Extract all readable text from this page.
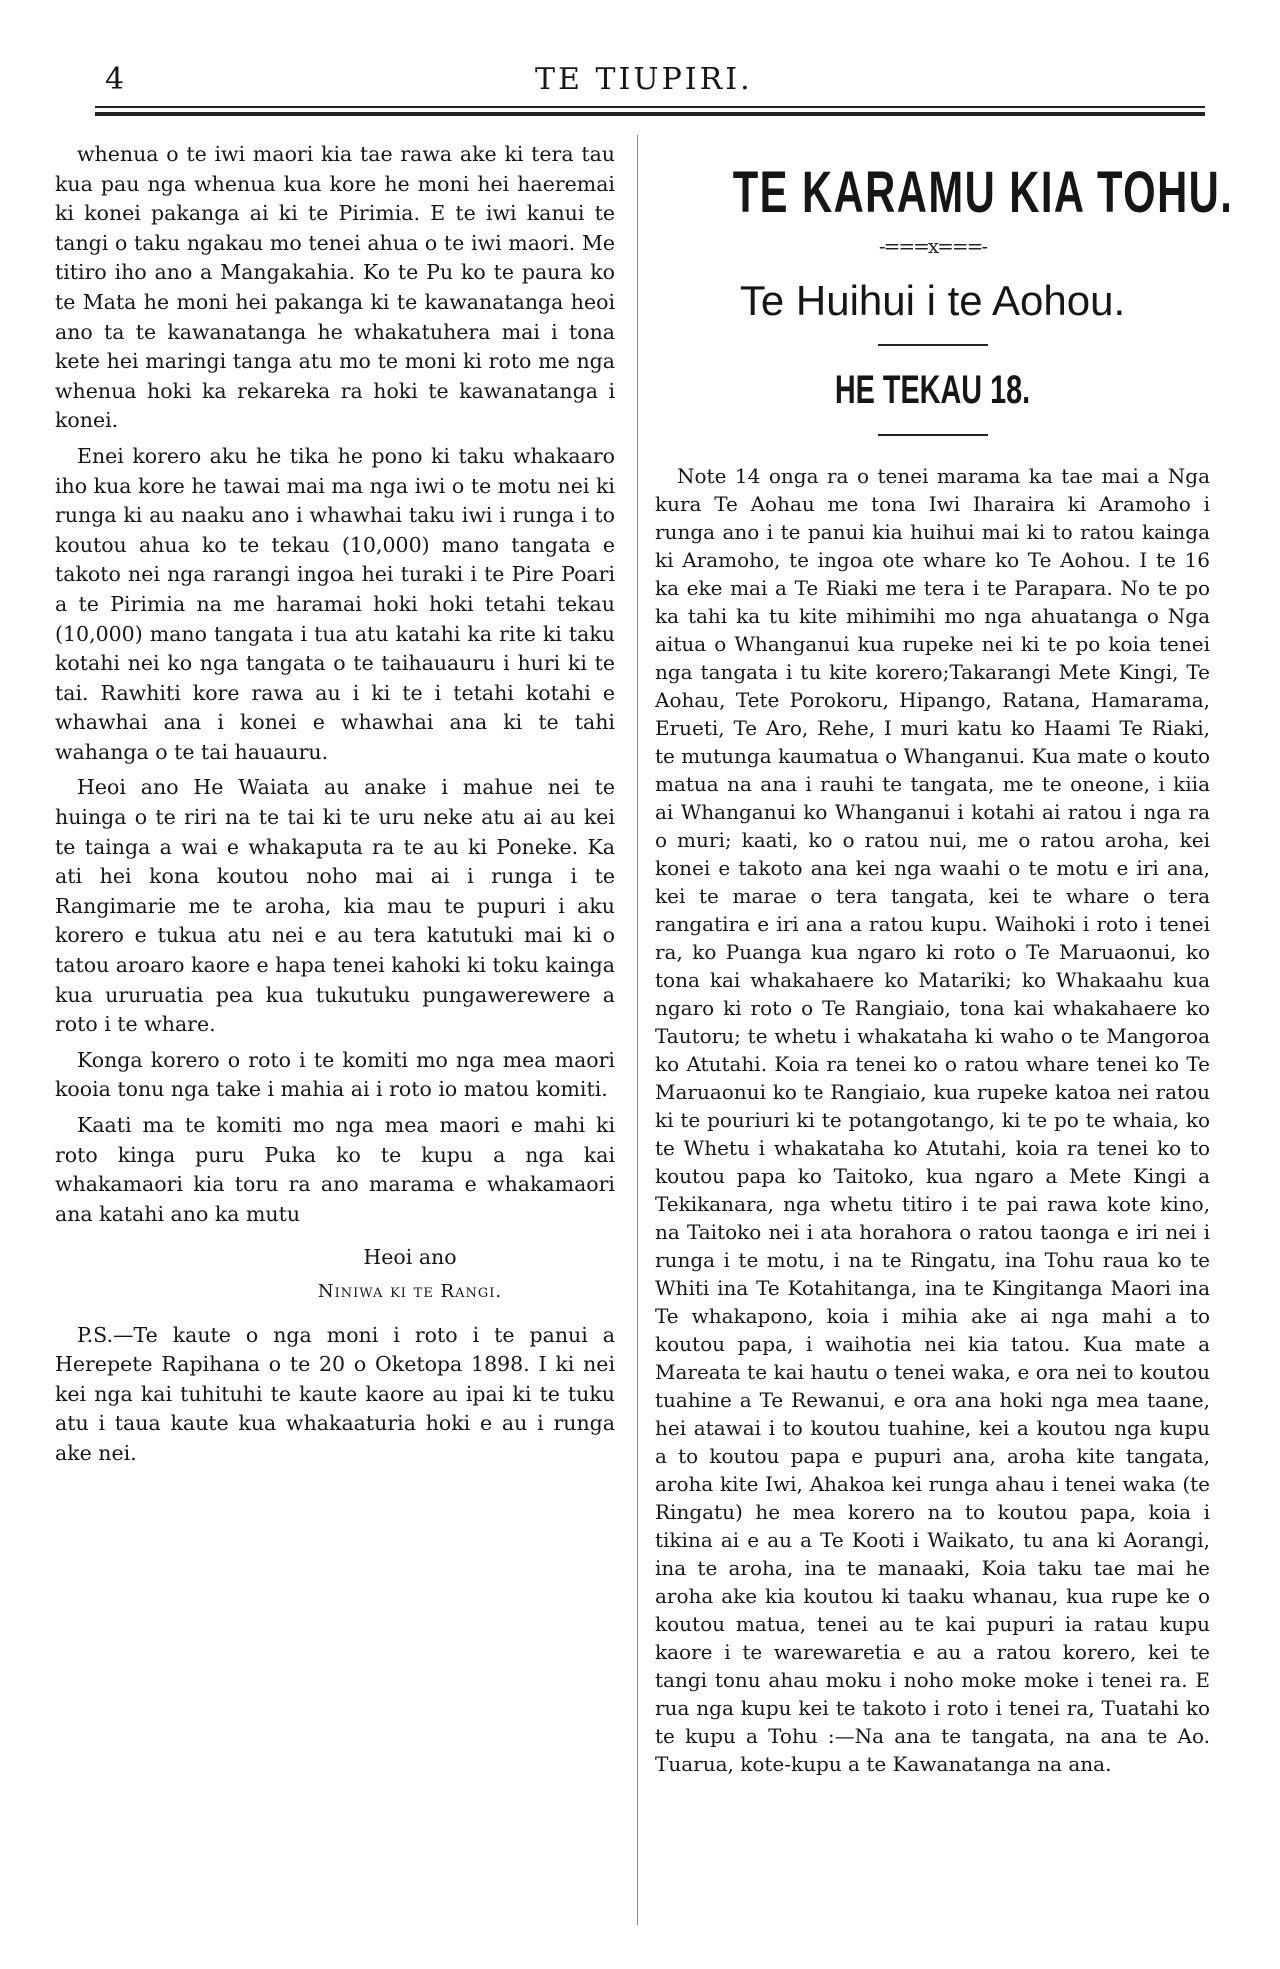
4	TE TIUPIRI.

whenua o te iwi maori kia tae rawa ake ki tera tau kua pau nga whenua kua kore he moni hei haeremai ki konei pakanga ai ki te Pirimia. E te iwi kanui te tangi o taku ngakau mo tenei ahua o te iwi maori. Me titiro iho ano a Mangakahia. Ko te Pu ko te paura ko te Mata he moni hei pakanga ki te kawanatanga heoi ano ta te kawanatanga he whakatuhera mai i tona kete hei maringi tanga atu mo te moni ki roto me nga whenua hoki ka rekareka ra hoki te kawanatanga i konei.

Enei korero aku he tika he pono ki taku whakaaro iho kua kore he tawai mai ma nga iwi o te motu nei ki runga ki au naaku ano i whawhai taku iwi i runga i to koutou ahua ko te tekau (10,000) mano tangata e takoto nei nga rarangi ingoa hei turaki i te Pire Poari a te Pirimia na me haramai hoki hoki tetahi tekau (10,000) mano tangata i tua atu katahi ka rite ki taku kotahi nei ko nga tangata o te taihauauru i huri ki te tai. Rawhiti kore rawa au i ki te i tetahi kotahi e whawhai ana i konei e whawhai ana ki te tahi wahanga o te tai hauauru.

Heoi ano He Waiata au anake i mahue nei te huinga o te riri na te tai ki te uru neke atu ai au kei te tainga a wai e whakaputa ra te au ki Poneke. Ka ati hei kona koutou noho mai ai i runga i te Rangimarie me te aroha, kia mau te pupuri i aku korero e tukua atu nei e au tera katutuki mai ki o tatou aroaro kaore e hapa tenei kahoki ki toku kainga kua ururuatia pea kua tukutuku pungawerewere a roto i te whare.

Konga korero o roto i te komiti mo nga mea maori kooia tonu nga take i mahia ai i roto io matou komiti.

Kaati ma te komiti mo nga mea maori e mahi ki roto kinga puru Puka ko te kupu a nga kai whakamaori kia toru ra ano marama e whakamaori ana katahi ano ka mutu

Heoi ano

Niniwa ki te Rangi.

P.S.—Te kaute o nga moni i roto i te panui a Herepete Rapihana o te 20 o Oketopa 1898. I ki nei kei nga kai tuhituhi te kaute kaore au ipai ki te tuku atu i taua kaute kua whakaaturia hoki e au i runga ake nei.

TE KARAMU KIA TOHU.
-===x===-
Te Huihui i te Aohou.
HE TEKAU 18.
Note 14 onga ra o tenei marama ka tae mai a Nga kura Te Aohau me tona Iwi Iharaira ki Aramoho i runga ano i te panui kia huihui mai ki to ratou kainga ki Aramoho, te ingoa ote whare ko Te Aohou. I te 16 ka eke mai a Te Riaki me tera i te Parapara. No te po ka tahi ka tu kite mihimihi mo nga ahuatanga o Nga aitua o Whanganui kua rupeke nei ki te po koia tenei nga tangata i tu kite korero;Takarangi Mete Kingi, Te Aohau, Tete Porokoru, Hipango, Ratana, Hamarama, Erueti, Te Aro, Rehe, I muri katu ko Haami Te Riaki, te mutunga kaumatua o Whanganui. Kua mate o kouto matua na ana i rauhi te tangata, me te oneone, i kiia ai Whanganui ko Whanganui i kotahi ai ratou i nga ra o muri; kaati, ko o ratou nui, me o ratou aroha, kei konei e takoto ana kei nga waahi o te motu e iri ana, kei te marae o tera tangata, kei te whare o tera rangatira e iri ana a ratou kupu. Waihoki i roto i tenei ra, ko Puanga kua ngaro ki roto o Te Maruaonui, ko tona kai whakahaere ko Matariki; ko Whakaahu kua ngaro ki roto o Te Rangiaio, tona kai whakahaere ko Tautoru; te whetu i whakataha ki waho o te Mangoroa ko Atutahi. Koia ra tenei ko o ratou whare tenei ko Te Maruaonui ko te Rangiaio, kua rupeke katoa nei ratou ki te pouriuri ki te potangotango, ki te po te whaia, ko te Whetu i whakataha ko Atutahi, koia ra tenei ko to koutou papa ko Taitoko, kua ngaro a Mete Kingi a Tekikanara, nga whetu titiro i te pai rawa kote kino, na Taitoko nei i ata horahora o ratou taonga e iri nei i runga i te motu, i na te Ringatu, ina Tohu raua ko te Whiti ina Te Kotahitanga, ina te Kingitanga Maori ina Te whakapono, koia i mihia ake ai nga mahi a to koutou papa, i waihotia nei kia tatou. Kua mate a Mareata te kai hautu o tenei waka, e ora nei to koutou tuahine a Te Rewanui, e ora ana hoki nga mea taane, hei atawai i to koutou tuahine, kei a koutou nga kupu a to koutou papa e pupuri ana, aroha kite tangata, aroha kite Iwi, Ahakoa kei runga ahau i tenei waka (te Ringatu) he mea korero na to koutou papa, koia i tikina ai e au a Te Kooti i Waikato, tu ana ki Aorangi, ina te aroha, ina te manaaki, Koia taku tae mai he aroha ake kia koutou ki taaku whanau, kua rupe ke o koutou matua, tenei au te kai pupuri ia ratau kupu kaore i te warewaretia e au a ratou korero, kei te tangi tonu ahau moku i noho moke moke i tenei ra. E rua nga kupu kei te takoto i roto i tenei ra, Tuatahi ko te kupu a Tohu :—Na ana te tangata, na ana te Ao. Tuarua, kote-kupu a te Kawanatanga na ana.
